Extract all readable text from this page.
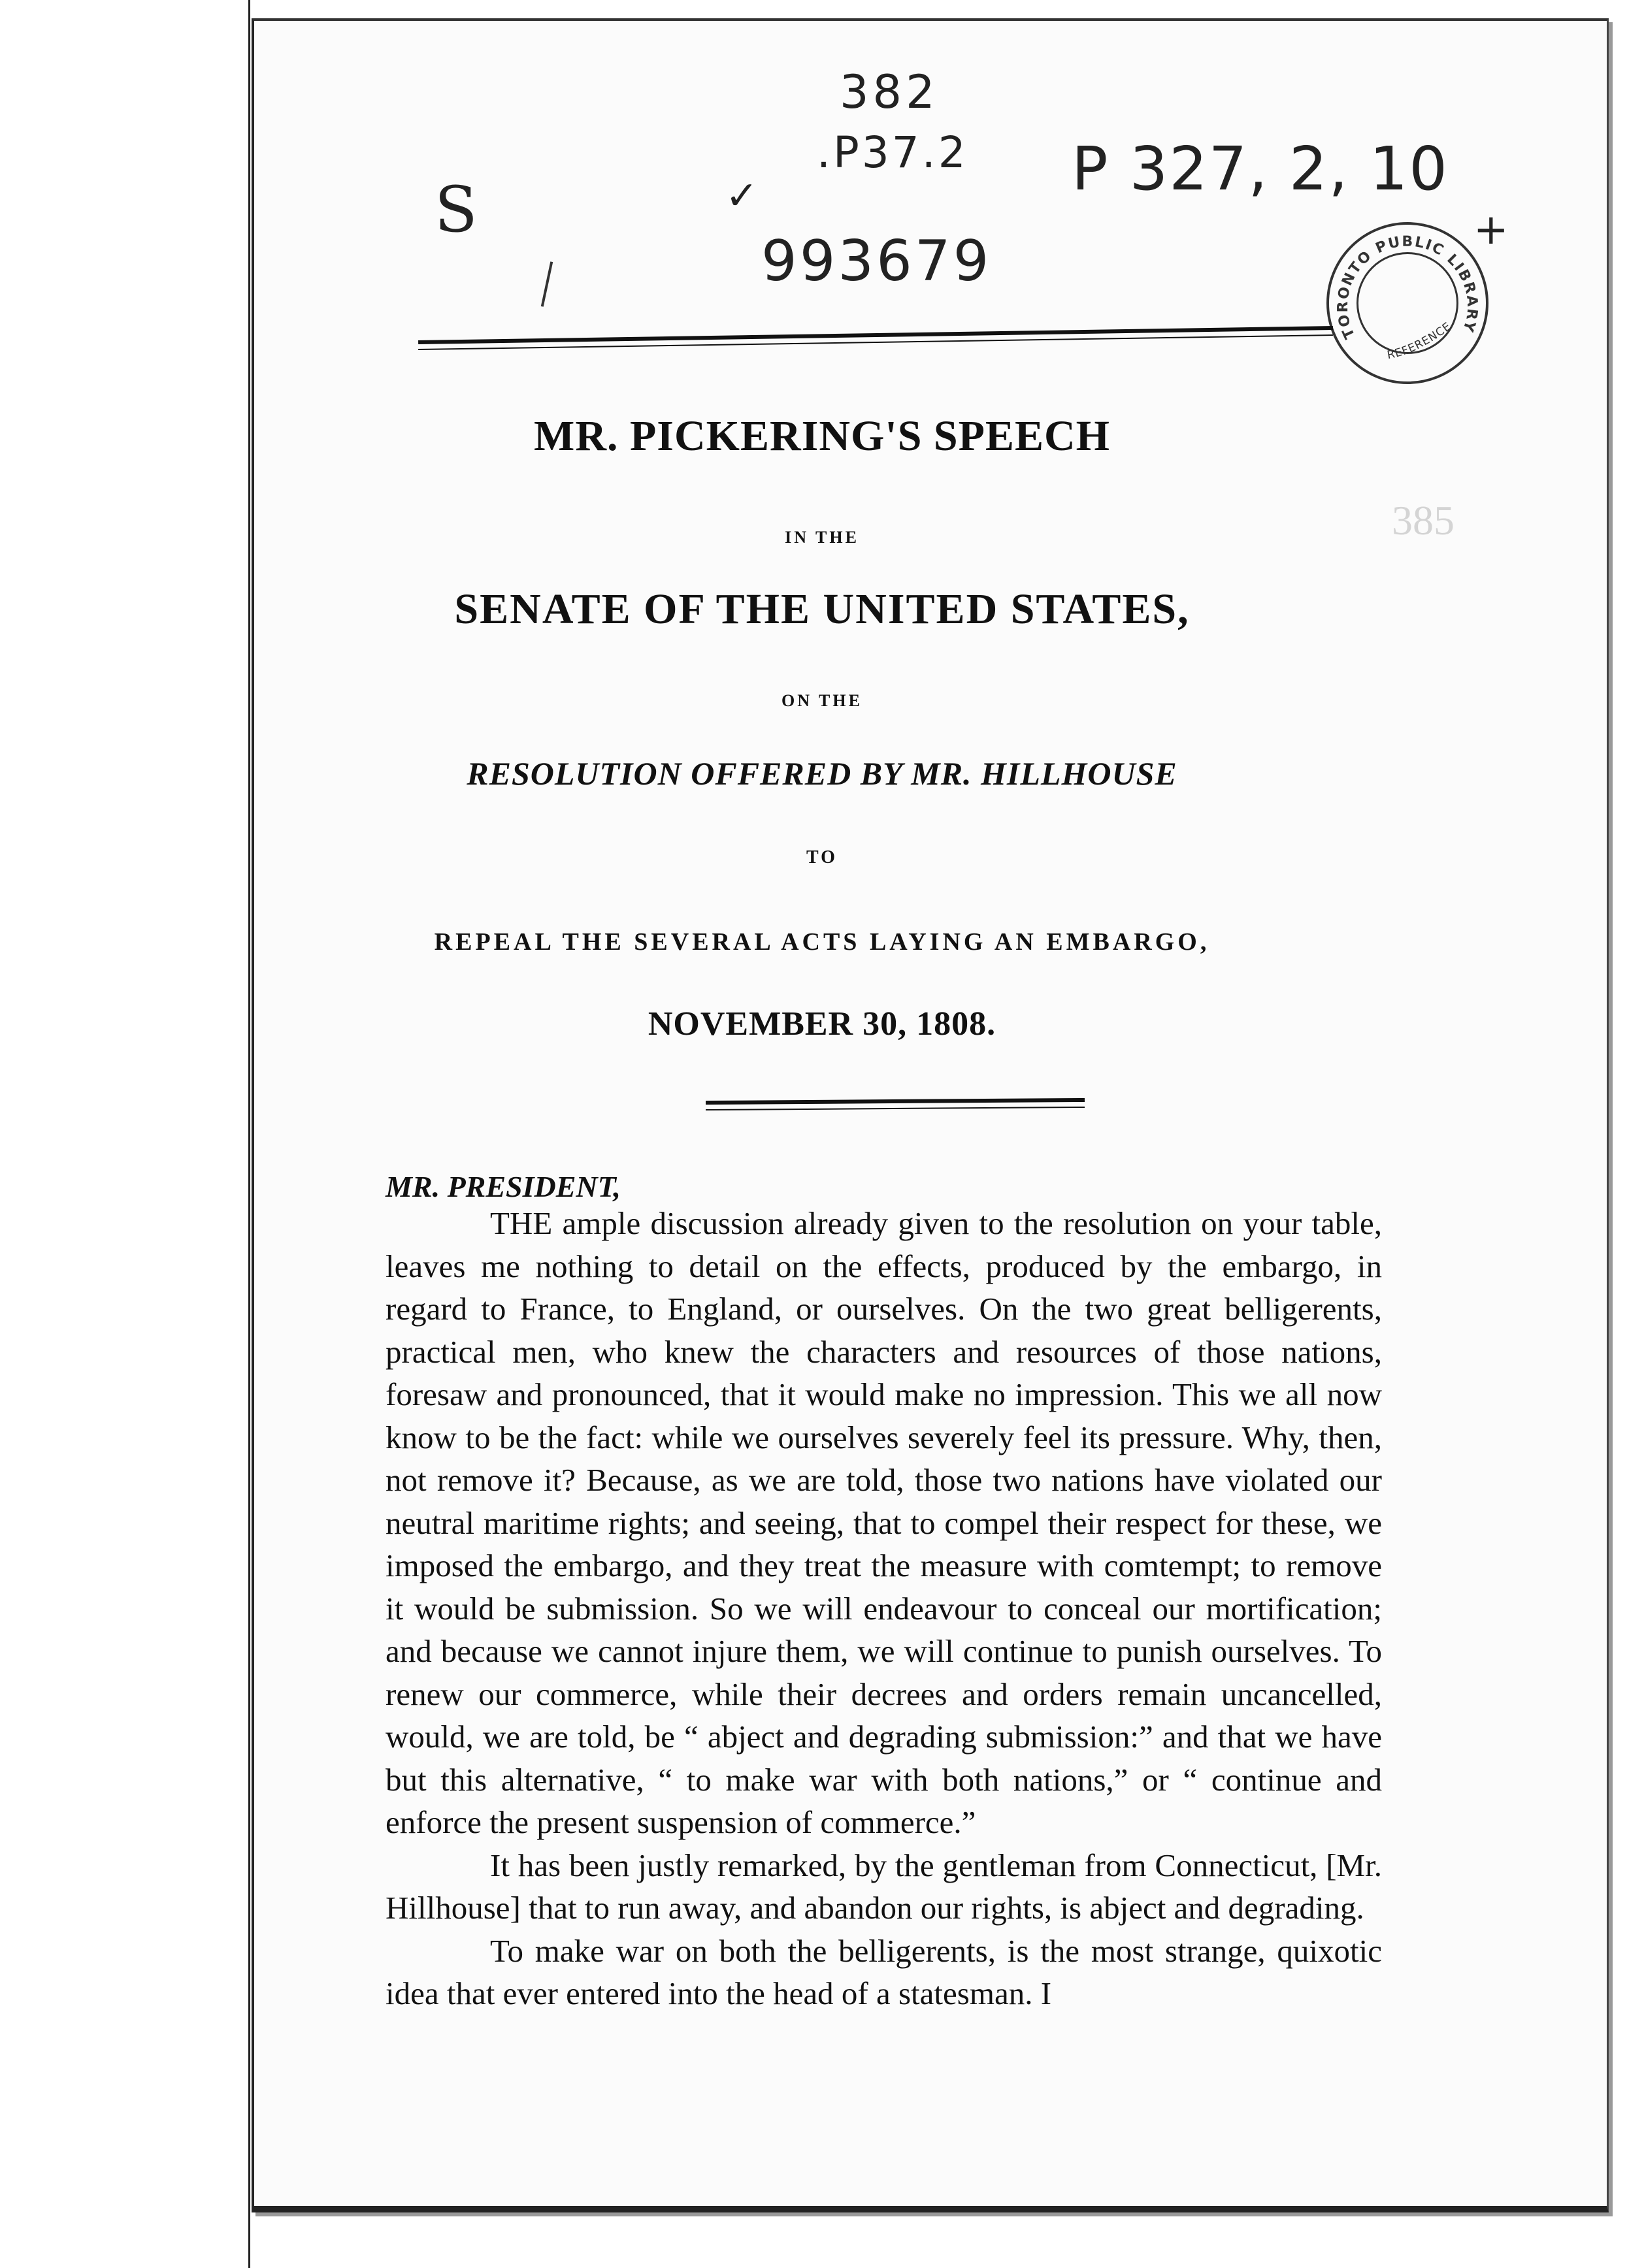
385
382
.P37.2 P 327, 2, 10
S	✓
993679	+
TORONTO PUBLIC LIBRARY
REFERENCE
MR. PICKERING'S SPEECH
IN THE
SENATE OF THE UNITED STATES,
ON THE
RESOLUTION OFFERED BY MR. HILLHOUSE
TO
REPEAL THE SEVERAL ACTS LAYING AN EMBARGO,
NOVEMBER 30, 1808.
MR. PRESIDENT,

THE ample discussion already given to the resolution on your table, leaves me nothing to detail on the effects, produced by the embargo, in regard to France, to England, or ourselves. On the two great belligerents, practical men, who knew the characters and resources of those nations, foresaw and pronounced, that it would make no impression. This we all now know to be the fact: while we ourselves severely feel its pressure. Why, then, not remove it? Because, as we are told, those two nations have violated our neutral maritime rights; and seeing, that to compel their respect for these, we imposed the embargo, and they treat the measure with comtempt; to remove it would be submission. So we will endeavour to conceal our mortification; and because we cannot injure them, we will continue to punish ourselves. To renew our commerce, while their decrees and orders remain uncancelled, would, we are told, be “ abject and degrading submission:” and that we have but this alternative, “ to make war with both nations,” or “ continue and enforce the present suspension of commerce.”

It has been justly remarked, by the gentleman from Connecticut, [Mr. Hillhouse] that to run away, and abandon our rights, is abject and degrading.

To make war on both the belligerents, is the most strange, quixotic idea that ever entered into the head of a statesman. I
